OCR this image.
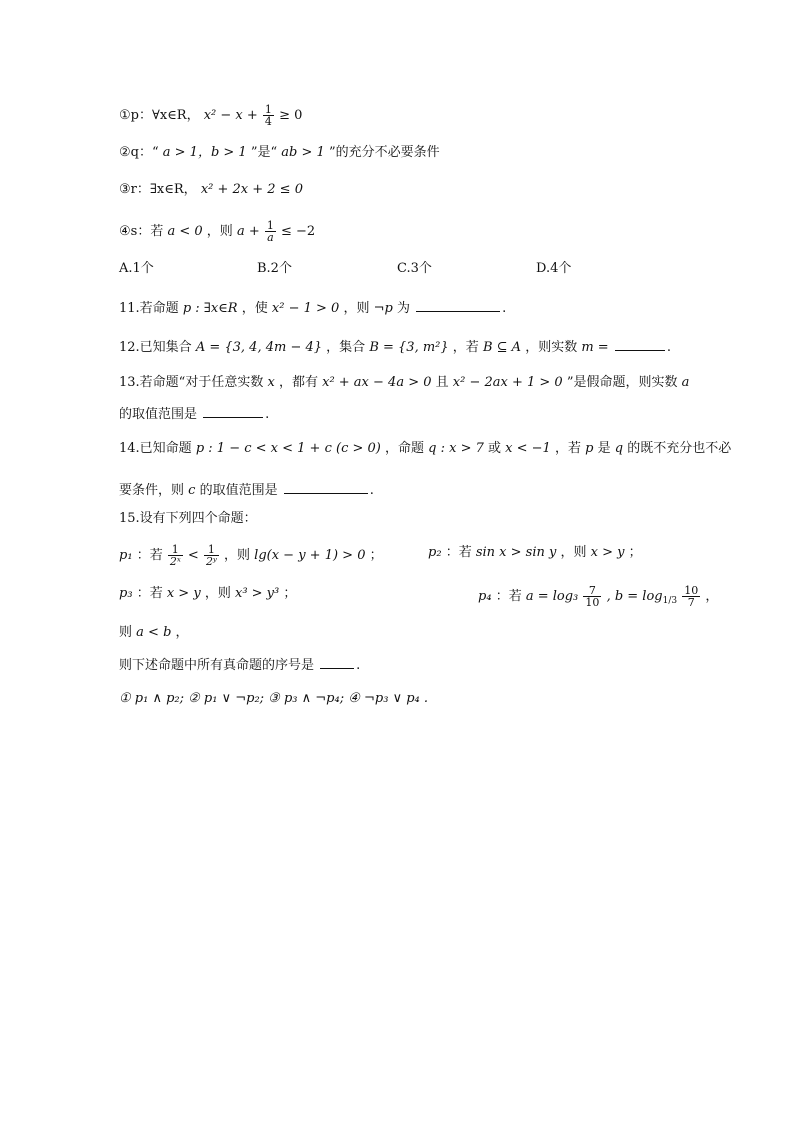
①p：∀x∈R， $x^2 - x + \frac{1}{4} \ge 0$
②q：“ a > 1，b > 1 ”是“ ab > 1 ”的充分不必要条件
③r：∃x∈R， x² + 2x + 2 ≤ 0
④s：若 a < 0 ，则 $a + \frac{1}{a} \le -2$
A.1个	B.2个	C.3个	D.4个
11.若命题 p : ∃x∈R ，使 x² − 1 > 0 ，则 ¬p 为	.
12.已知集合 A = {3, 4, 4m − 4} ，集合 B = {3, m²} ，若 B ⊆ A ，则实数 m =	.
13.若命题“对于任意实数 x ，都有 x² + ax − 4a > 0 且 x² − 2ax + 1 > 0 ”是假命题，则实数 a
的取值范围是	.
14.已知命题 p : 1 − c < x < 1 + c (c > 0) ，命题 q : x > 7 或 x < −1 ，若 p 是 q 的既不充分也不必
要条件，则 c 的取值范围是	.
15.设有下列四个命题：
p₁ ：若 $\frac{1}{\text{2ˣ}} < \frac{1}{\text{2ʸ}}$ ，则 lg(x − y + 1) > 0 ；	p₂ ：若 sin x > sin y ，则 x > y ；
p₃ ：若 x > y ，则 x³ > y³ ；	p₄ ：若 $a = \log_3 \frac{7}{10}$ , $b = \log_{1/3} \frac{10}{7}$ ，
则 a < b ，
则下述命题中所有真命题的序号是	.
① p₁ ∧ p₂; ② p₁ ∨ ¬p₂; ③ p₃ ∧ ¬p₄; ④ ¬p₃ ∨ p₄ .
